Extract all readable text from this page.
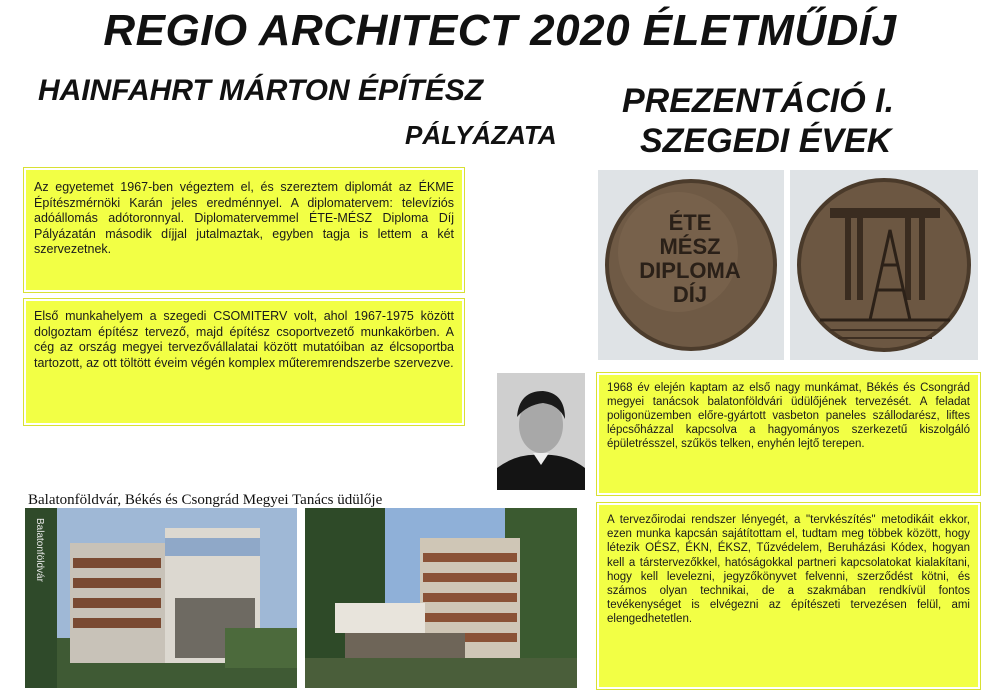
REGIO ARCHITECT 2020 ÉLETMŰDÍJ
HAINFAHRT MÁRTON ÉPÍTÉSZ
PÁLYÁZATA
PREZENTÁCIÓ I.
SZEGEDI ÉVEK

Az egyetemet 1967-ben végeztem el, és szereztem diplomát az ÉKME Építészmérnöki Karán jeles eredménnyel. A diplomatervem: televíziós adóállomás adótoronnyal. Diplomatervemmel ÉTE-MÉSZ Diploma Díj Pályázatán második díjjal jutalmaztak, egyben tagja is lettem a két szervezetnek.

Első munkahelyem a szegedi CSOMITERV volt, ahol 1967-1975 között dolgoztam építész tervező, majd építész csoportvezető munkakörben. A cég az ország megyei tervezővállalatai között mutatóiban az élcsoportba tartozott, az ott töltött éveim végén komplex műteremrendszerbe szervezve.

1968 év elején kaptam az első nagy munkámat, Békés és Csongrád megyei tanácsok balatonföldvári üdülőjének tervezését. A feladat poligonüzemben előre-gyártott vasbeton paneles szállodarész, liftes lépcsőházzal kapcsolva a hagyományos szerkezetű kiszolgáló épületrésszel, szűkös telken, enyhén lejtő terepen.

A tervezőirodai rendszer lényegét, a "tervkészítés" metodikáit ekkor, ezen munka kapcsán sajátítottam el, tudtam meg többek között, hogy létezik OÉSZ, ÉKN, ÉKSZ, Tűzvédelem, Beruházási Kódex, hogyan kell a társtervezőkkel, hatóságokkal partneri kapcsolatokat kialakítani, hogy kell levelezni, jegyzőkönyvet felvenni, szerződést kötni, és számos olyan technikai, de a szakmában rendkívül fontos tevékenységet is elvégezni az építészeti tervezésen felül, ami elengedhetetlen.

ÉTE
MÉSZ
DIPLOMA
DÍJ
Balatonföldvár, Békés és Csongrád Megyei Tanács üdülője
Balatonföldvár
